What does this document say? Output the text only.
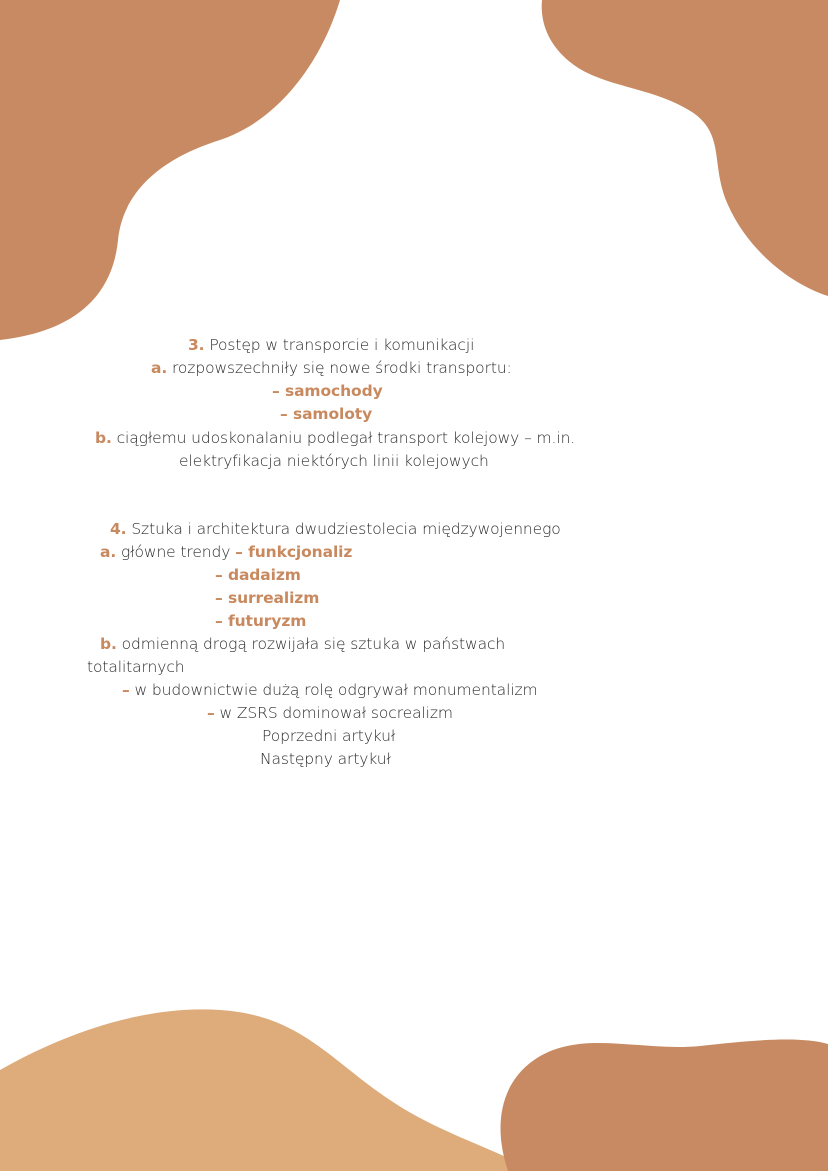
3. Postęp w transporcie i komunikacji
a. rozpowszechniły się nowe środki transportu:
– samochody
– samoloty
b. ciągłemu udoskonalaniu podlegał transport kolejowy – m.in.
elektryfikacja niektórych linii kolejowych
4. Sztuka i architektura dwudziestolecia międzywojennego
a. główne trendy – funkcjonaliz
– dadaizm
– surrealizm
– futuryzm
b. odmienną drogą rozwijała się sztuka w państwach
totalitarnych
– w budownictwie dużą rolę odgrywał monumentalizm
– w ZSRS dominował socrealizm
Poprzedni artykuł
Następny artykuł
